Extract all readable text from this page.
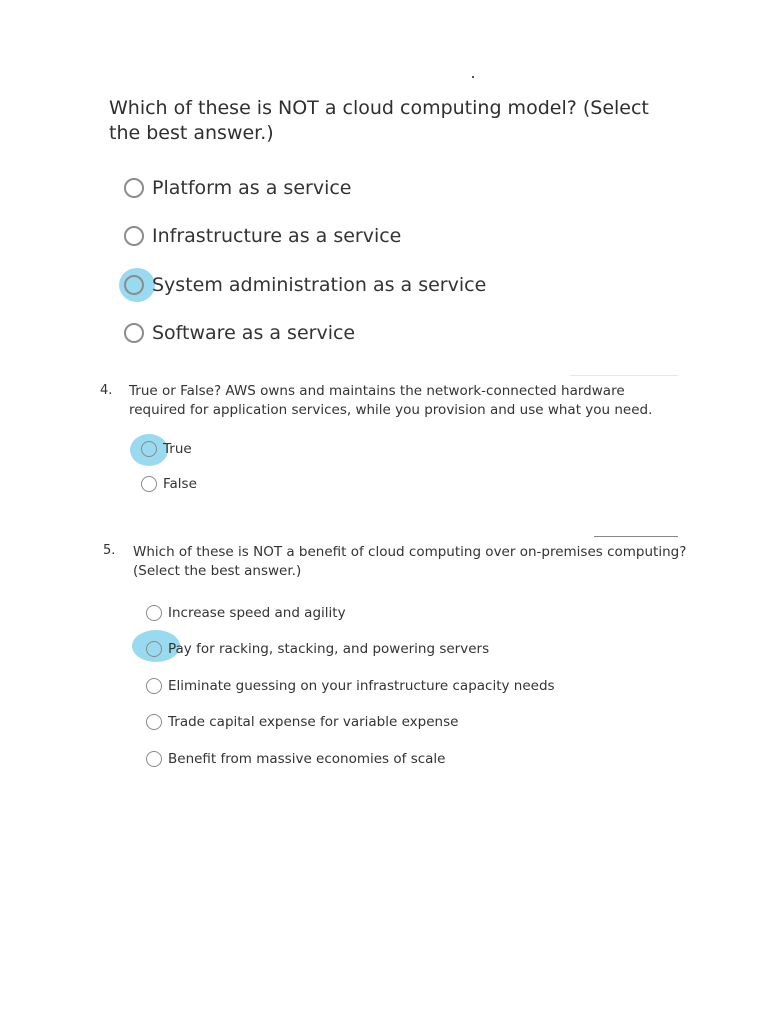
Which of these is NOT a cloud computing model? (Select the best answer.)
Platform as a service
Infrastructure as a service
System administration as a service
Software as a service
4. True or False? AWS owns and maintains the network-connected hardware required for application services, while you provision and use what you need.
True
False
5. Which of these is NOT a benefit of cloud computing over on-premises computing? (Select the best answer.)
Increase speed and agility
Pay for racking, stacking, and powering servers
Eliminate guessing on your infrastructure capacity needs
Trade capital expense for variable expense
Benefit from massive economies of scale
